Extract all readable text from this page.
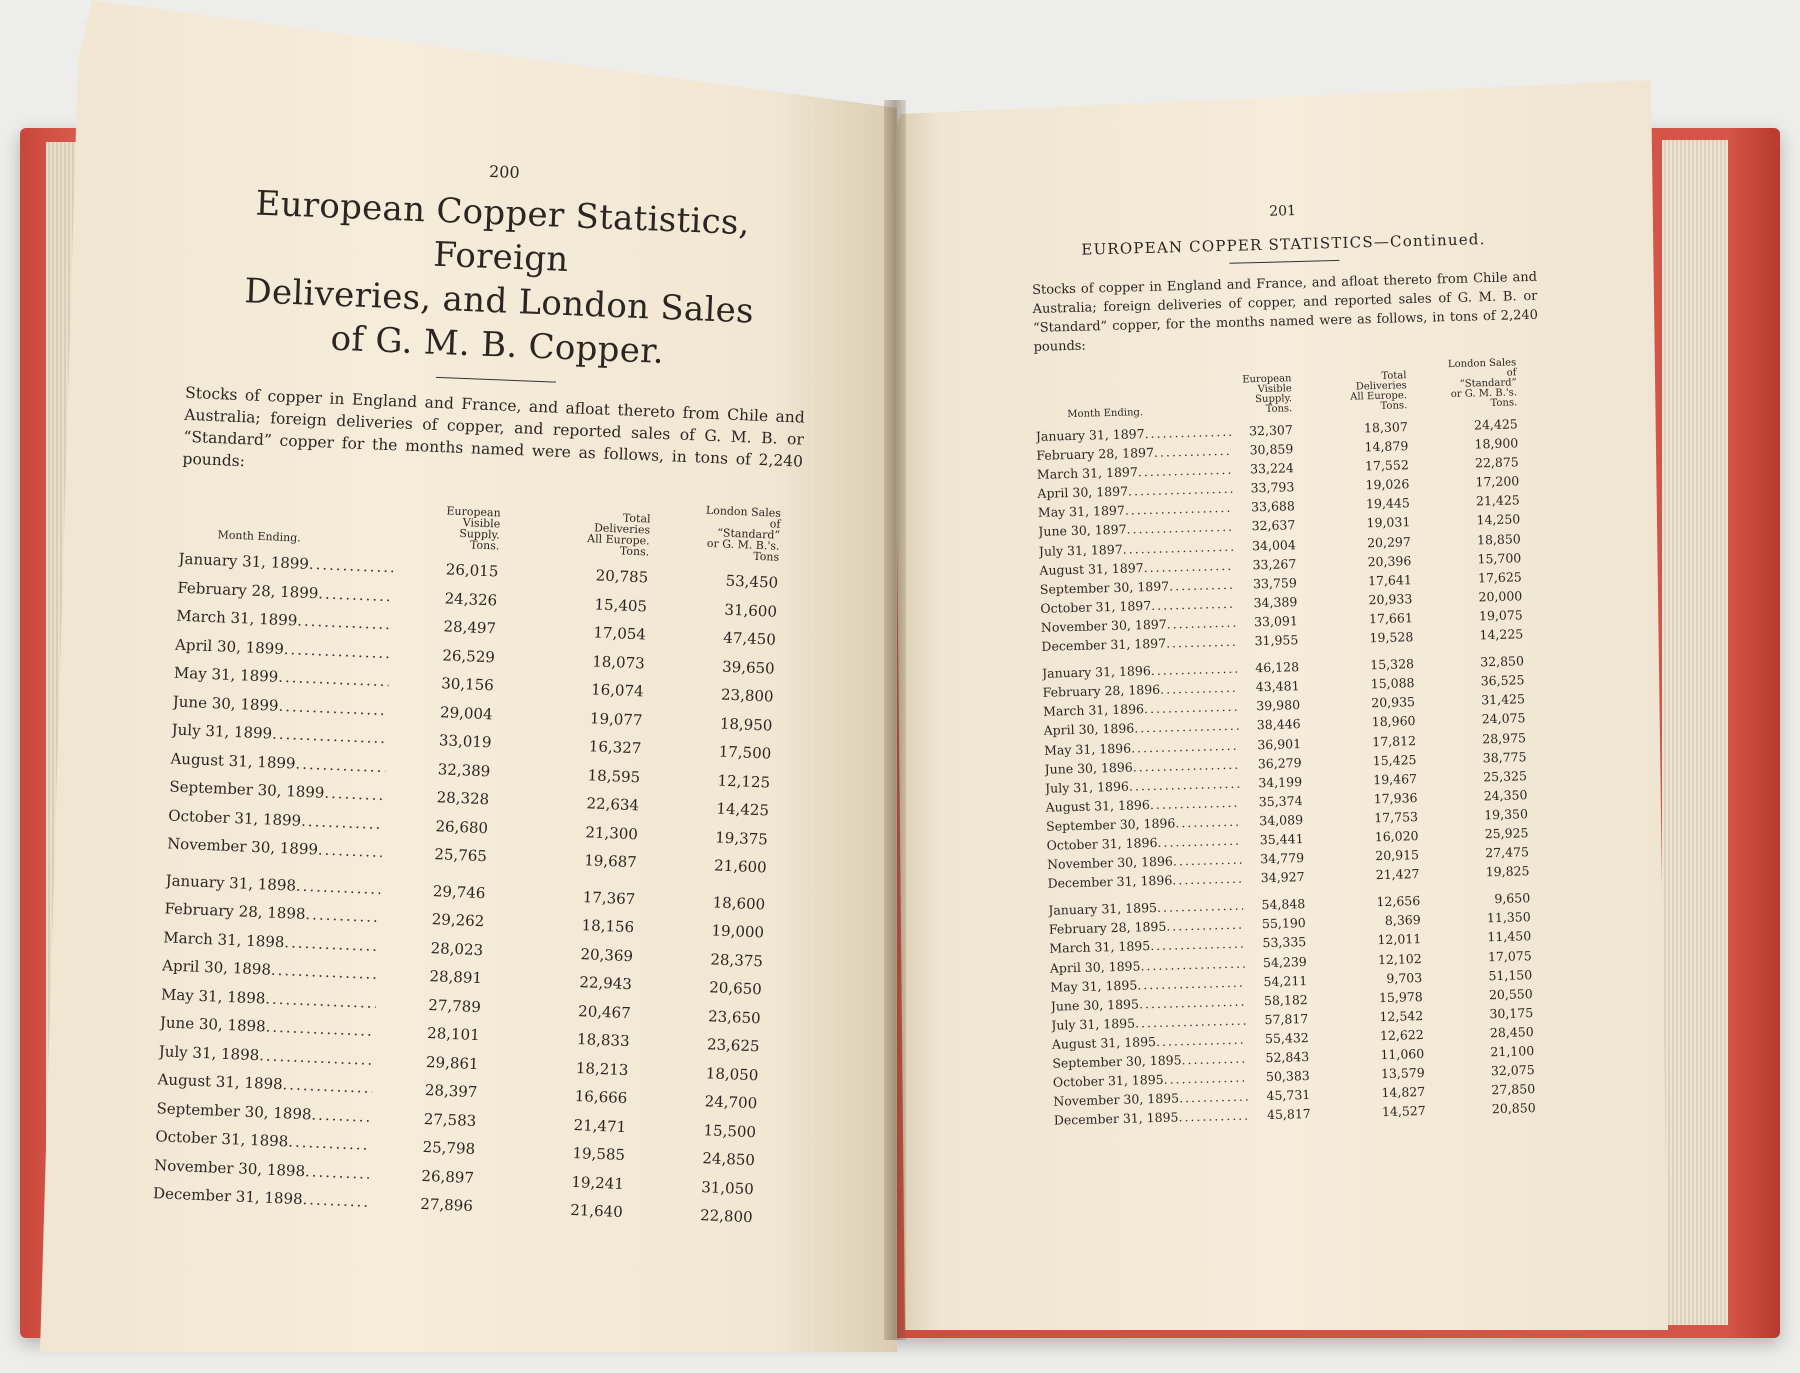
200
European Copper Statistics, Foreign
Deliveries, and London Sales
of G. M. B. Copper.

Stocks of copper in England and France, and afloat thereto from Chile and Australia; foreign deliveries of copper, and reported sales of G. M. B. or “Standard” copper for the months named were as follows, in tons of 2,240 pounds:

Month Ending.
European
Visible
Supply.
Tons.
Total
Deliveries
All Europe.
Tons.
London Sales
of
“Standard”
or G. M. B.'s.
Tons
January 31, 1899 .....	26,015	20,785	53,450
February 28, 1899 .....	24,326	15,405	31,600
March 31, 1899 .....	28,497	17,054	47,450
April 30, 1899 .....	26,529	18,073	39,650
May 31, 1899 .....	30,156	16,074	23,800
June 30, 1899 .....	29,004	19,077	18,950
July 31, 1899 .....	33,019	16,327	17,500
August 31, 1899 .....	32,389	18,595	12,125
September 30, 1899 .....	28,328	22,634	14,425
October 31, 1899 .....	26,680	21,300	19,375
November 30, 1899 .....	25,765	19,687	21,600
January 31, 1898 .....	29,746	17,367	18,600
February 28, 1898 .....	29,262	18,156	19,000
March 31, 1898 .....	28,023	20,369	28,375
April 30, 1898 .....	28,891	22,943	20,650
May 31, 1898 .....	27,789	20,467	23,650
June 30, 1898 .....	28,101	18,833	23,625
July 31, 1898 .....	29,861	18,213	18,050
August 31, 1898 .....	28,397	16,666	24,700
September 30, 1898 .....	27,583	21,471	15,500
October 31, 1898 .....	25,798	19,585	24,850
November 30, 1898 .....	26,897	19,241	31,050
December 31, 1898 .....	27,896	21,640	22,800
201
EUROPEAN COPPER STATISTICS—Continued.

Stocks of copper in England and France, and afloat thereto from Chile and Australia; foreign deliveries of copper, and reported sales of G. M. B. or “Standard” copper, for the months named were as follows, in tons of 2,240 pounds:

Month Ending.
European
Visible
Supply.
Tons.
Total
Deliveries
All Europe.
Tons.
London Sales
of
“Standard”
or G. M. B.'s.
Tons.
January 31, 1897 .....	32,307	18,307	24,425
February 28, 1897 .....	30,859	14,879	18,900
March 31, 1897 .....	33,224	17,552	22,875
April 30, 1897 .....	33,793	19,026	17,200
May 31, 1897 .....	33,688	19,445	21,425
June 30, 1897 .....	32,637	19,031	14,250
July 31, 1897 .....	34,004	20,297	18,850
August 31, 1897 .....	33,267	20,396	15,700
September 30, 1897 .....	33,759	17,641	17,625
October 31, 1897 .....	34,389	20,933	20,000
November 30, 1897 .....	33,091	17,661	19,075
December 31, 1897 .....	31,955	19,528	14,225
January 31, 1896 .....	46,128	15,328	32,850
February 28, 1896 .....	43,481	15,088	36,525
March 31, 1896 .....	39,980	20,935	31,425
April 30, 1896 .....	38,446	18,960	24,075
May 31, 1896 .....	36,901	17,812	28,975
June 30, 1896 .....	36,279	15,425	38,775
July 31, 1896 .....	34,199	19,467	25,325
August 31, 1896 .....	35,374	17,936	24,350
September 30, 1896 .....	34,089	17,753	19,350
October 31, 1896 .....	35,441	16,020	25,925
November 30, 1896 .....	34,779	20,915	27,475
December 31, 1896 .....	34,927	21,427	19,825
January 31, 1895 .....	54,848	12,656	9,650
February 28, 1895 .....	55,190	8,369	11,350
March 31, 1895 .....	53,335	12,011	11,450
April 30, 1895 .....	54,239	12,102	17,075
May 31, 1895 .....	54,211	9,703	51,150
June 30, 1895 .....	58,182	15,978	20,550
July 31, 1895 .....	57,817	12,542	30,175
August 31, 1895 .....	55,432	12,622	28,450
September 30, 1895 .....	52,843	11,060	21,100
October 31, 1895 .....	50,383	13,579	32,075
November 30, 1895 .....	45,731	14,827	27,850
December 31, 1895 .....	45,817	14,527	20,850
